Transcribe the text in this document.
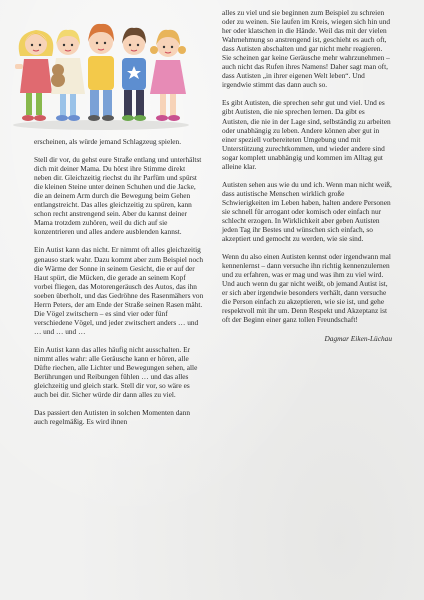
erscheinen, als würde jemand Schlagzeug spielen.

Stell dir vor, du gehst eure Straße entlang und unterhältst dich mit deiner Mama. Du hörst ihre Stimme direkt neben dir. Gleichzeitig riechst du ihr Parfüm und spürst die kleinen Steine unter deinen Schuhen und die Jacke, die an deinem Arm durch die Bewegung beim Gehen entlangstreicht. Das alles gleichzeitig zu spüren, kann schon recht anstrengend sein. Aber du kannst deiner Mama trotzdem zuhören, weil du dich auf sie konzentrieren und alles andere ausblenden kannst.

Ein Autist kann das nicht. Er nimmt oft alles gleichzeitig genauso stark wahr. Dazu kommt aber zum Beispiel noch die Wärme der Sonne in seinem Gesicht, die er auf der Haut spürt, die Mücken, die gerade an seinem Kopf vorbei fliegen, das Motorengeräusch des Autos, das ihn soeben überholt, und das Gedröhne des Rasenmähers von Herrn Peters, der am Ende der Straße seinen Rasen mäht. Die Vögel zwitschern – es sind vier oder fünf verschiedene Vögel, und jeder zwitschert anders … und … und … und …

Ein Autist kann das alles häufig nicht ausschalten. Er nimmt alles wahr: alle Geräusche kann er hören, alle Düfte riechen, alle Lichter und Bewegungen sehen, alle Berührungen und Reibungen fühlen … und das alles gleichzeitig und gleich stark. Stell dir vor, so wäre es auch bei dir. Sicher würde dir dann alles zu viel.

Das passiert den Autisten in solchen Momenten dann auch regelmäßig. Es wird ihnen

alles zu viel und sie beginnen zum Beispiel zu schreien oder zu weinen. Sie laufen im Kreis, wiegen sich hin und her oder klatschen in die Hände. Weil das mit der vielen Wahrnehmung so anstrengend ist, geschieht es auch oft, dass Autisten abschalten und gar nicht mehr reagieren. Sie scheinen gar keine Geräusche mehr wahrzunehmen – auch nicht das Rufen ihres Namens! Daher sagt man oft, dass Autisten „in ihrer eigenen Welt leben“. Und irgendwie stimmt das dann auch so.

Es gibt Autisten, die sprechen sehr gut und viel. Und es gibt Autisten, die nie sprechen lernen. Da gibt es Autisten, die nie in der Lage sind, selbständig zu arbeiten oder unabhängig zu leben. Andere können aber gut in einer speziell vorbereiteten Umgebung und mit Unterstützung zurechtkommen, und wieder andere sind sogar komplett unabhängig und kommen im Alltag gut alleine klar.

Autisten sehen aus wie du und ich. Wenn man nicht weiß, dass autistische Menschen wirklich große Schwierigkeiten im Leben haben, halten andere Personen sie schnell für arrogant oder komisch oder einfach nur schlecht erzogen. In Wirklichkeit aber geben Autisten jeden Tag ihr Bestes und wünschen sich einfach, so akzeptiert und gemocht zu werden, wie sie sind.

Wenn du also einen Autisten kennst oder irgendwann mal kennenlernst – dann versuche ihn richtig kennenzulernen und zu erfahren, was er mag und was ihm zu viel wird. Und auch wenn du gar nicht weißt, ob jemand Autist ist, er sich aber irgendwie besonders verhält, dann versuche die Person einfach zu akzeptieren, wie sie ist, und gehe respektvoll mit ihr um. Denn Respekt und Akzeptanz ist oft der Beginn einer ganz tollen Freundschaft!

Dagmar Eiken-Lüchau
